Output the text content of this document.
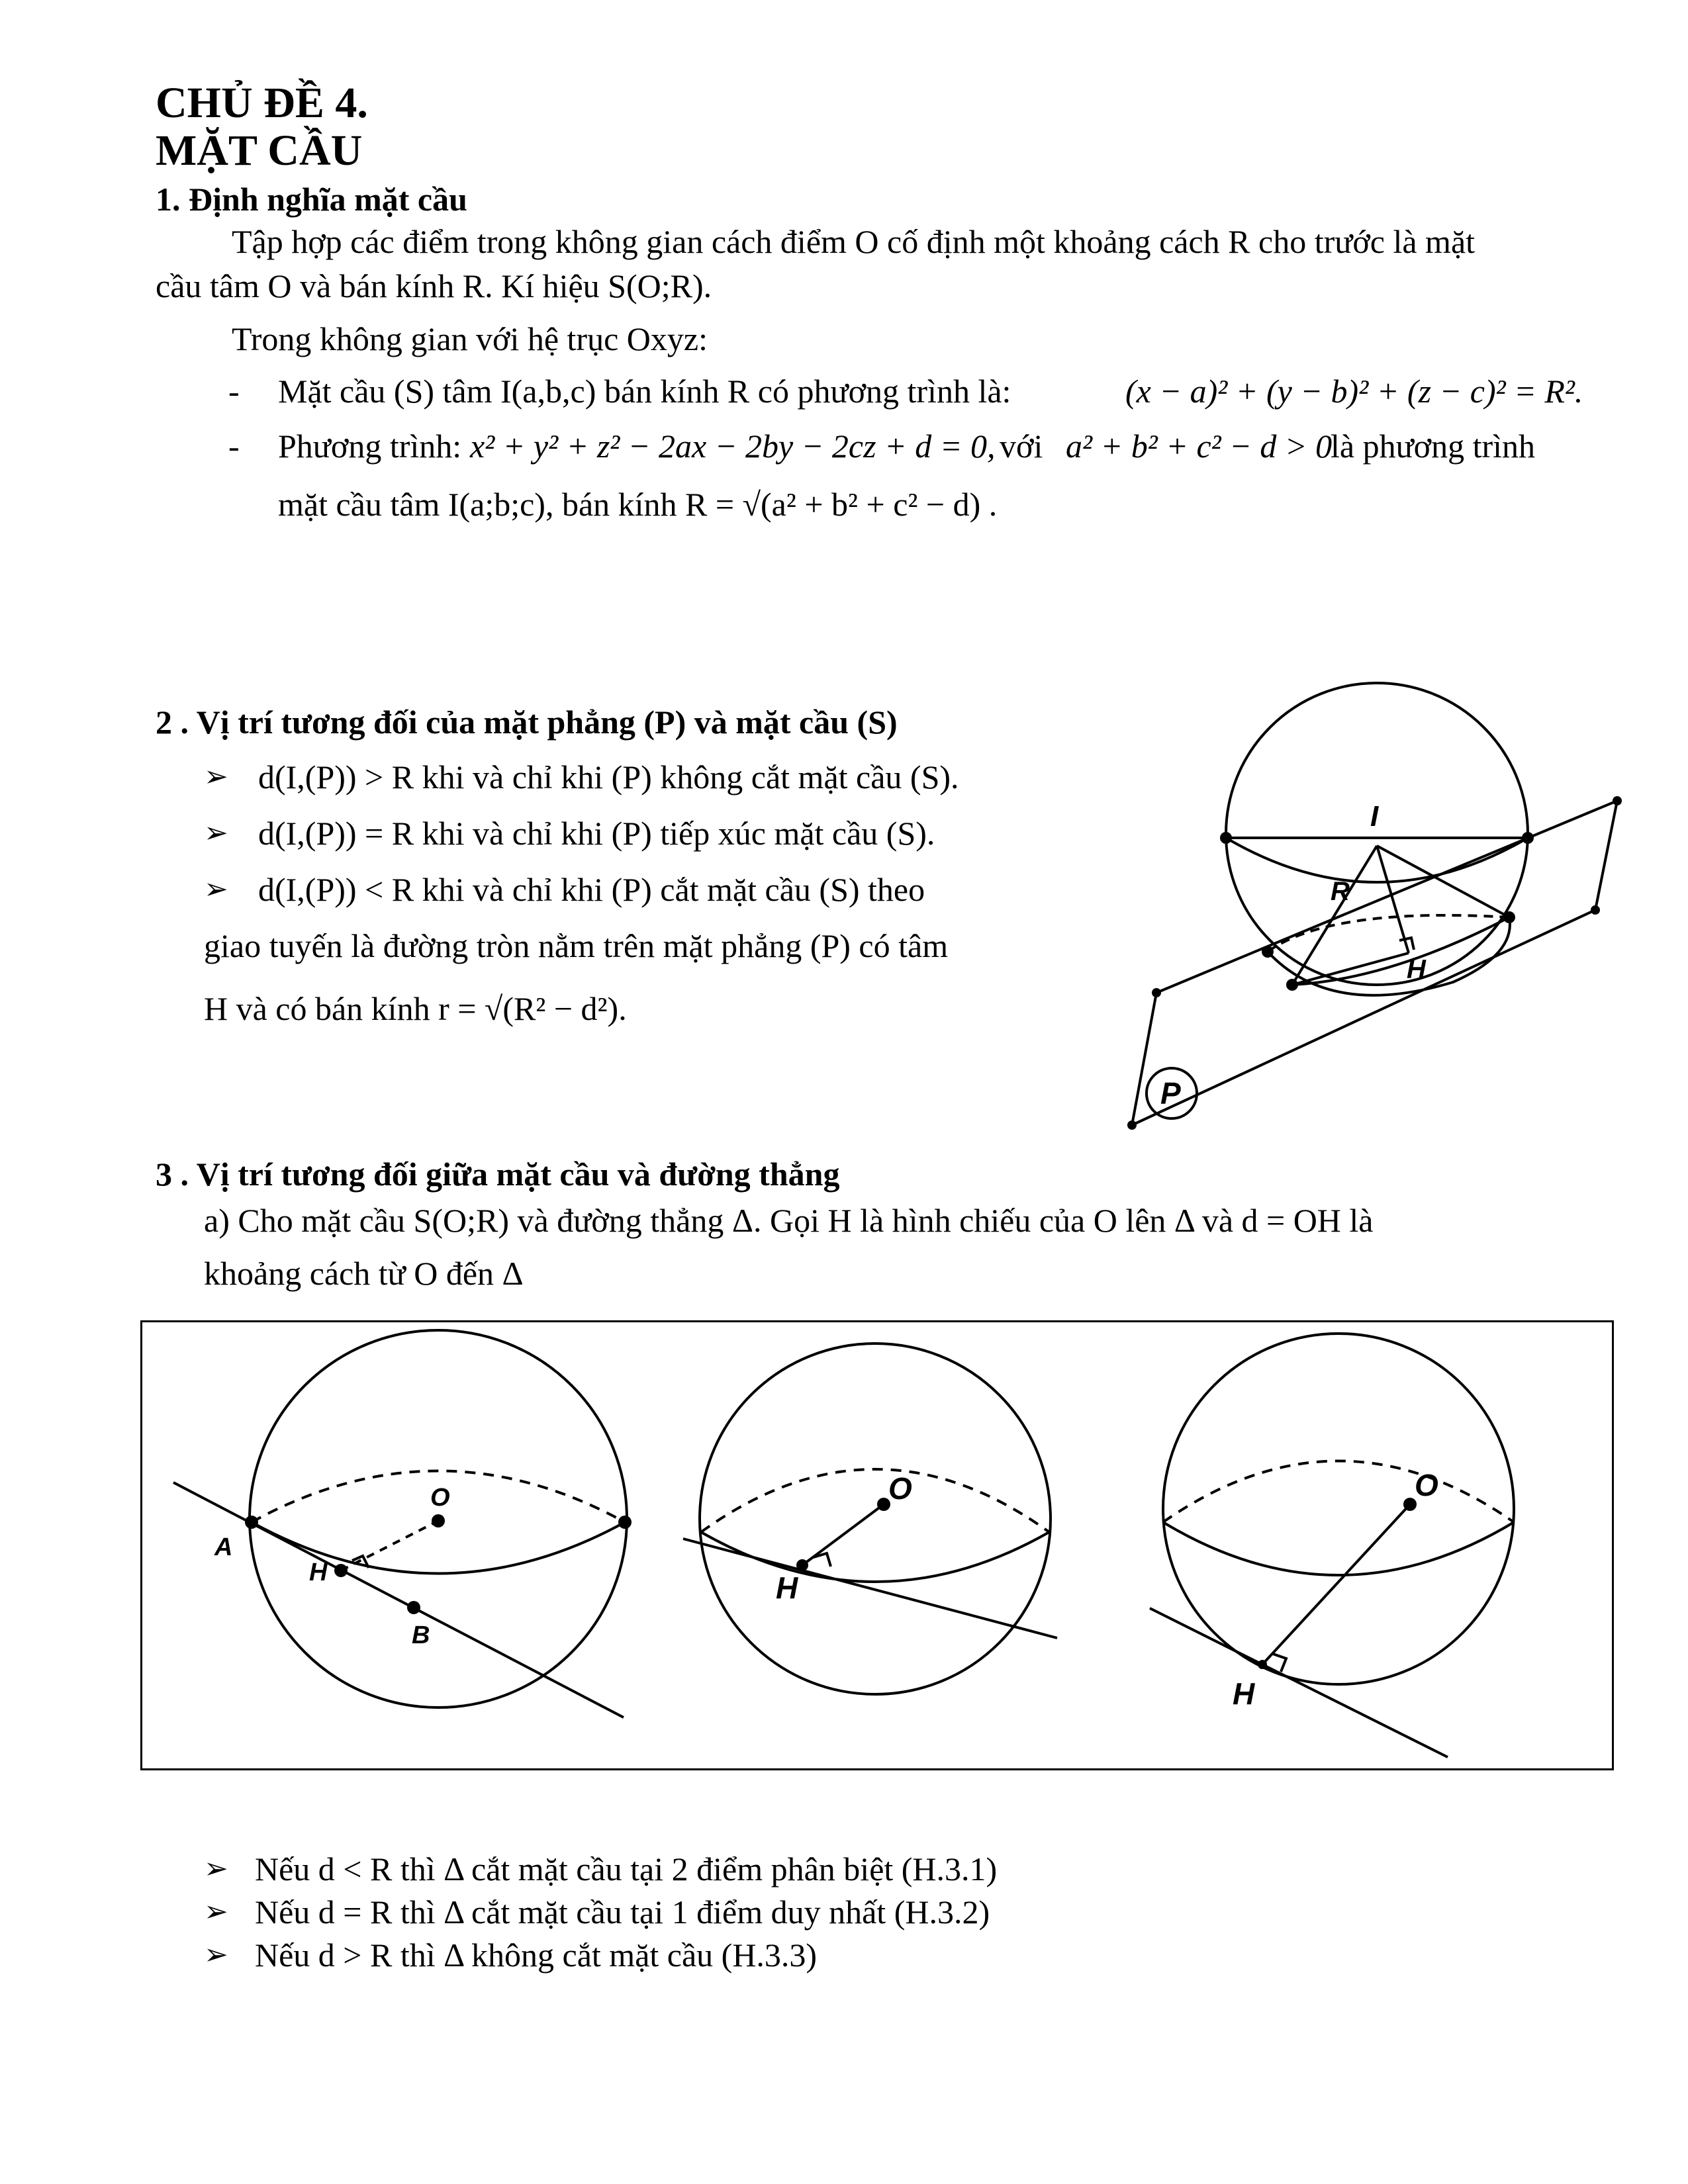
CHỦ ĐỀ 4.
MẶT CẦU
1. Định nghĩa mặt cầu
Tập hợp các điểm trong không gian cách điểm O cố định một khoảng cách R cho trước là mặt
cầu tâm O và bán kính R. Kí hiệu S(O;R).
Trong không gian với hệ trục Oxyz:
- Mặt cầu (S) tâm I(a,b,c) bán kính R có phương trình là:	(x − a)² + (y − b)² + (z − c)² = R².
- Phương trình: x² + y² + z² − 2ax − 2by − 2cz + d = 0, với a² + b² + c² − d > 0
là phương trình
mặt cầu tâm I(a;b;c), bán kính R = √(a² + b² + c² − d) .
2 . Vị trí tương đối của mặt phẳng (P) và mặt cầu (S)
➢ d(I,(P)) > R khi và chỉ khi (P) không cắt mặt cầu (S).
➢ d(I,(P)) = R khi và chỉ khi (P) tiếp xúc mặt cầu (S).
➢ d(I,(P)) < R khi và chỉ khi (P) cắt mặt cầu (S) theo
giao tuyến là đường tròn nằm trên mặt phẳng (P) có tâm
H và có bán kính r = √(R² − d²).
I
R
H
P
3 . Vị trí tương đối giữa mặt cầu và đường thẳng
a) Cho mặt cầu S(O;R) và đường thẳng Δ. Gọi H là hình chiếu của O lên Δ và d = OH là
khoảng cách từ O đến Δ
O
A
H
B
O
H
O
H
➢ Nếu d < R thì Δ cắt mặt cầu tại 2 điểm phân biệt (H.3.1)
➢ Nếu d = R thì Δ cắt mặt cầu tại 1 điểm duy nhất (H.3.2)
➢ Nếu d > R thì Δ không cắt mặt cầu (H.3.3)
